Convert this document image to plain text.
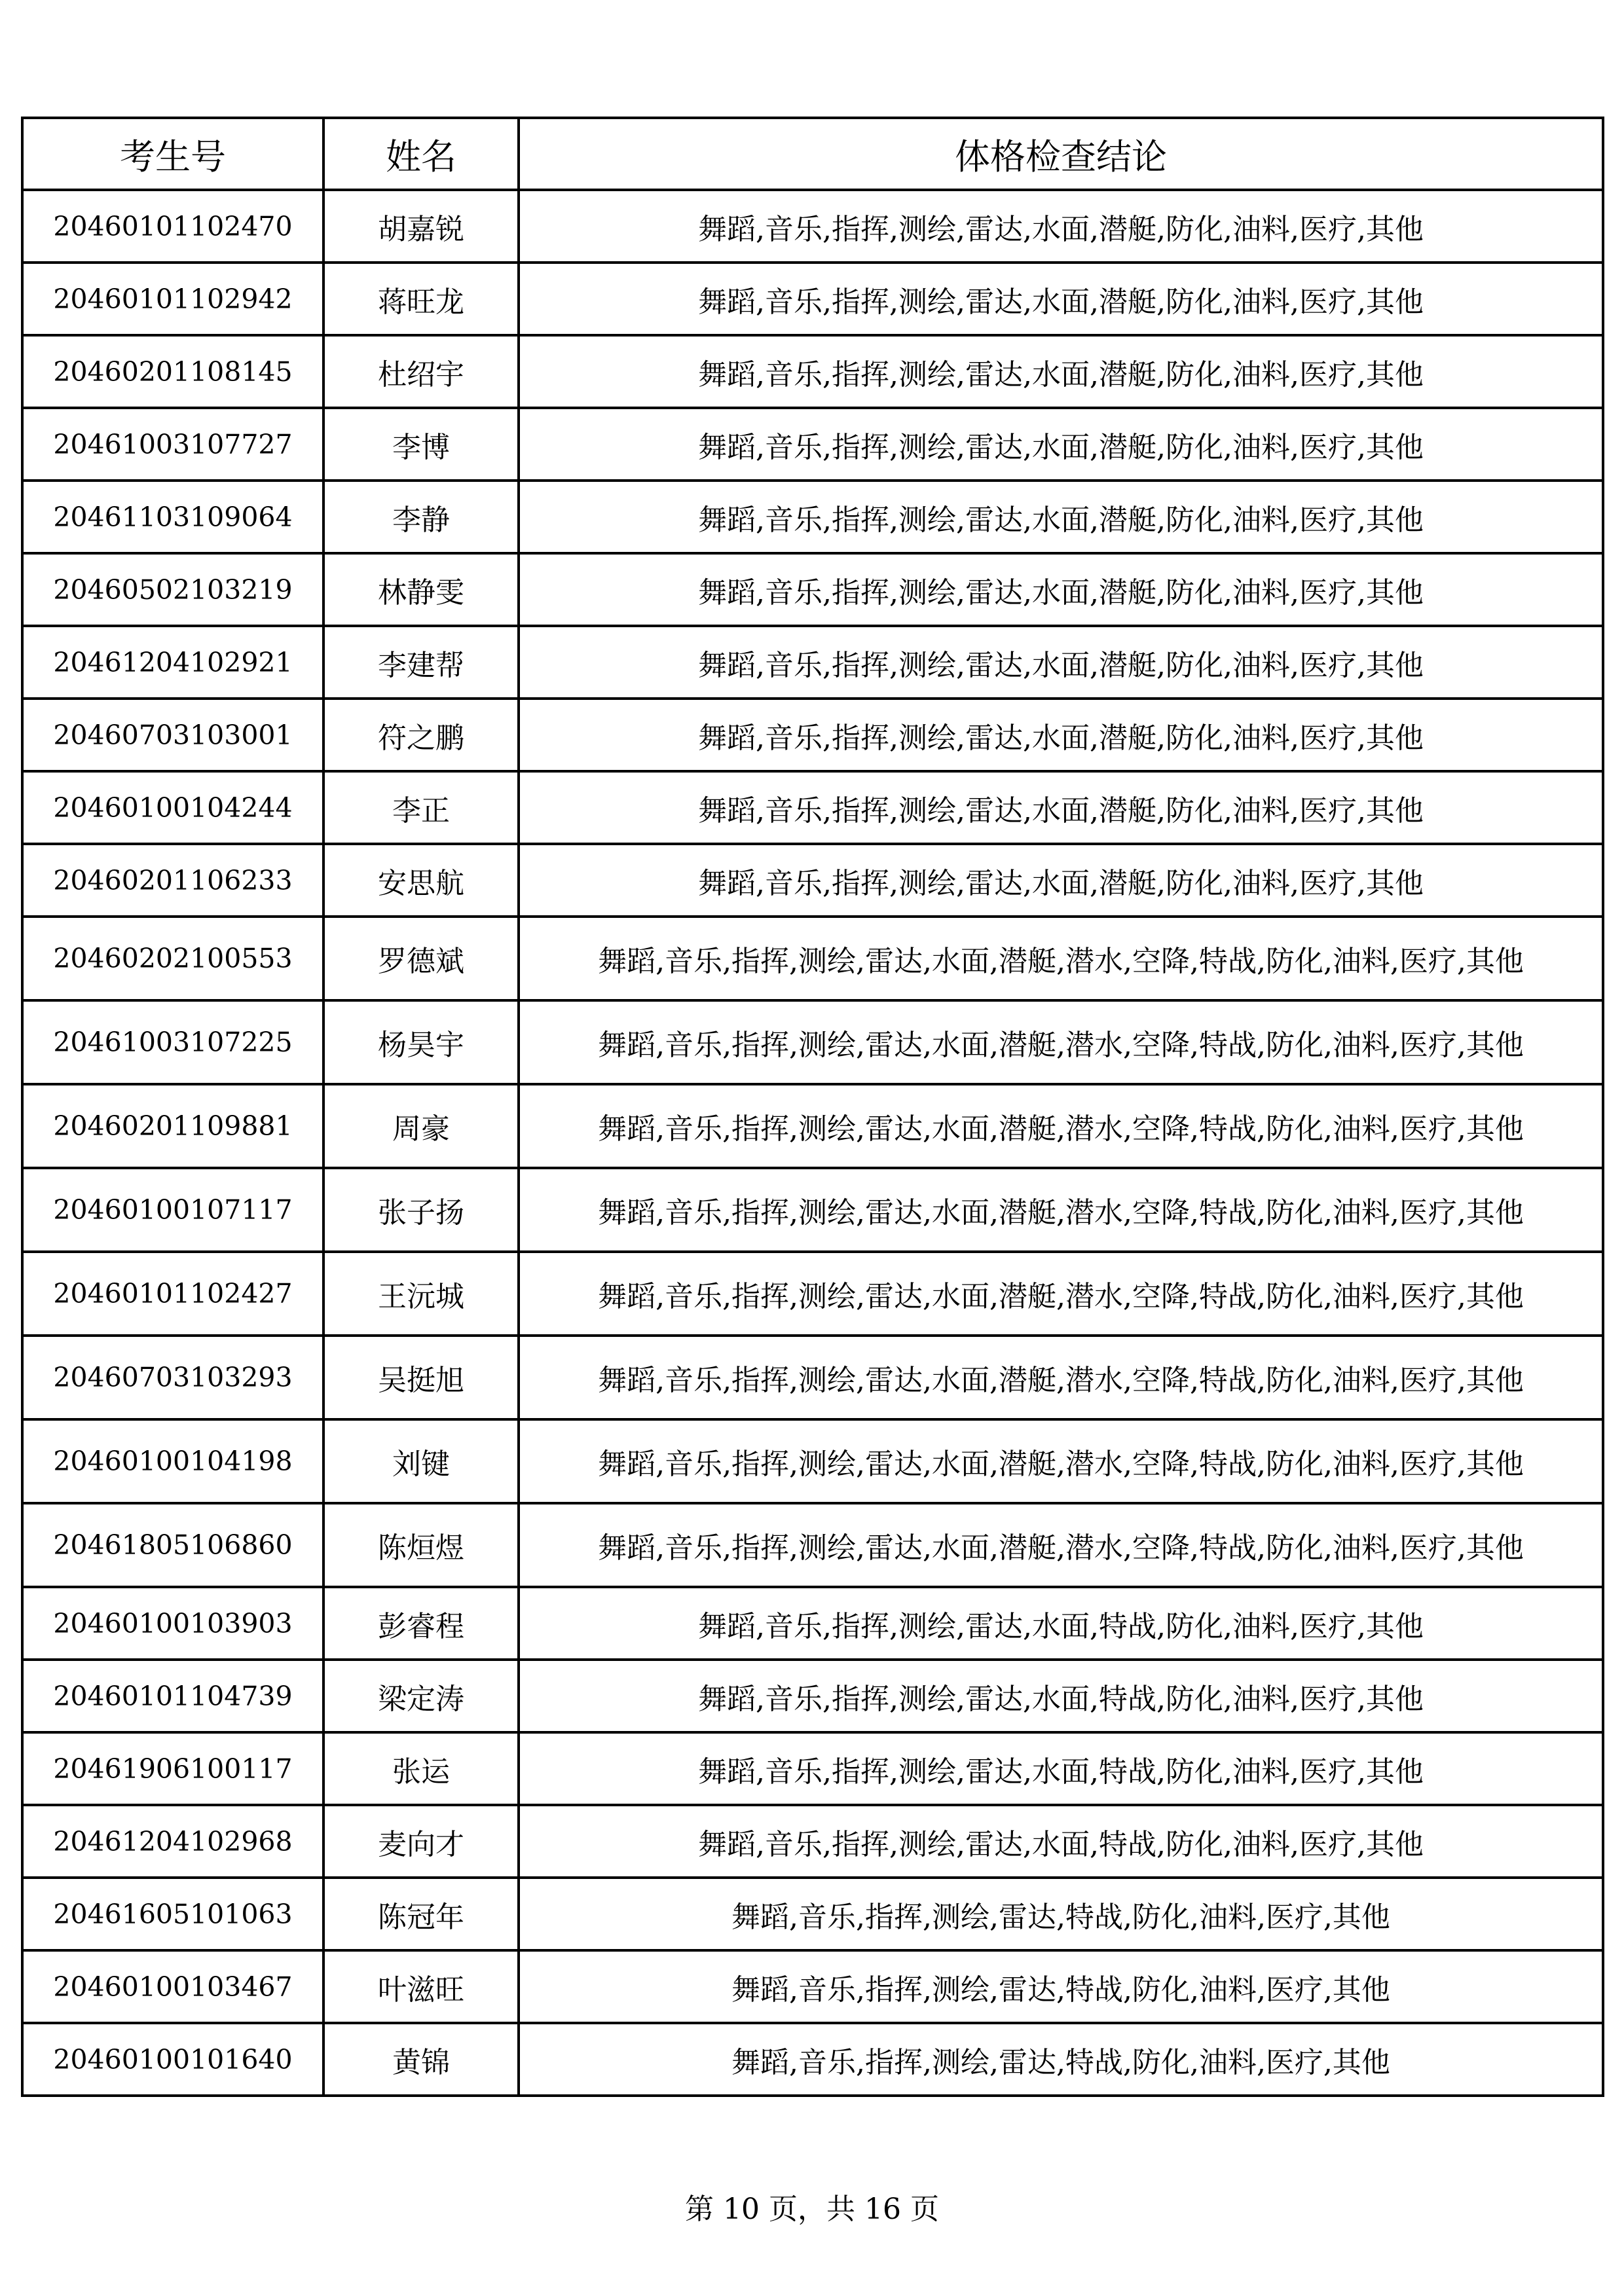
考生号	姓名	体格检查结论
20460101102470	胡嘉锐	舞蹈,音乐,指挥,测绘,雷达,水面,潜艇,防化,油料,医疗,其他
20460101102942	蒋旺龙	舞蹈,音乐,指挥,测绘,雷达,水面,潜艇,防化,油料,医疗,其他
20460201108145	杜绍宇	舞蹈,音乐,指挥,测绘,雷达,水面,潜艇,防化,油料,医疗,其他
20461003107727	李博	舞蹈,音乐,指挥,测绘,雷达,水面,潜艇,防化,油料,医疗,其他
20461103109064	李静	舞蹈,音乐,指挥,测绘,雷达,水面,潜艇,防化,油料,医疗,其他
20460502103219	林静雯	舞蹈,音乐,指挥,测绘,雷达,水面,潜艇,防化,油料,医疗,其他
20461204102921	李建帮	舞蹈,音乐,指挥,测绘,雷达,水面,潜艇,防化,油料,医疗,其他
20460703103001	符之鹏	舞蹈,音乐,指挥,测绘,雷达,水面,潜艇,防化,油料,医疗,其他
20460100104244	李正	舞蹈,音乐,指挥,测绘,雷达,水面,潜艇,防化,油料,医疗,其他
20460201106233	安思航	舞蹈,音乐,指挥,测绘,雷达,水面,潜艇,防化,油料,医疗,其他
20460202100553	罗德斌	舞蹈,音乐,指挥,测绘,雷达,水面,潜艇,潜水,空降,特战,防化,油料,医疗,其他
20461003107225	杨昊宇	舞蹈,音乐,指挥,测绘,雷达,水面,潜艇,潜水,空降,特战,防化,油料,医疗,其他
20460201109881	周豪	舞蹈,音乐,指挥,测绘,雷达,水面,潜艇,潜水,空降,特战,防化,油料,医疗,其他
20460100107117	张子扬	舞蹈,音乐,指挥,测绘,雷达,水面,潜艇,潜水,空降,特战,防化,油料,医疗,其他
20460101102427	王沅城	舞蹈,音乐,指挥,测绘,雷达,水面,潜艇,潜水,空降,特战,防化,油料,医疗,其他
20460703103293	吴挺旭	舞蹈,音乐,指挥,测绘,雷达,水面,潜艇,潜水,空降,特战,防化,油料,医疗,其他
20460100104198	刘键	舞蹈,音乐,指挥,测绘,雷达,水面,潜艇,潜水,空降,特战,防化,油料,医疗,其他
20461805106860	陈烜煜	舞蹈,音乐,指挥,测绘,雷达,水面,潜艇,潜水,空降,特战,防化,油料,医疗,其他
20460100103903	彭睿程	舞蹈,音乐,指挥,测绘,雷达,水面,特战,防化,油料,医疗,其他
20460101104739	梁定涛	舞蹈,音乐,指挥,测绘,雷达,水面,特战,防化,油料,医疗,其他
20461906100117	张运	舞蹈,音乐,指挥,测绘,雷达,水面,特战,防化,油料,医疗,其他
20461204102968	麦向才	舞蹈,音乐,指挥,测绘,雷达,水面,特战,防化,油料,医疗,其他
20461605101063	陈冠年	舞蹈,音乐,指挥,测绘,雷达,特战,防化,油料,医疗,其他
20460100103467	叶滋旺	舞蹈,音乐,指挥,测绘,雷达,特战,防化,油料,医疗,其他
20460100101640	黄锦	舞蹈,音乐,指挥,测绘,雷达,特战,防化,油料,医疗,其他
第 10 页，共 16 页
